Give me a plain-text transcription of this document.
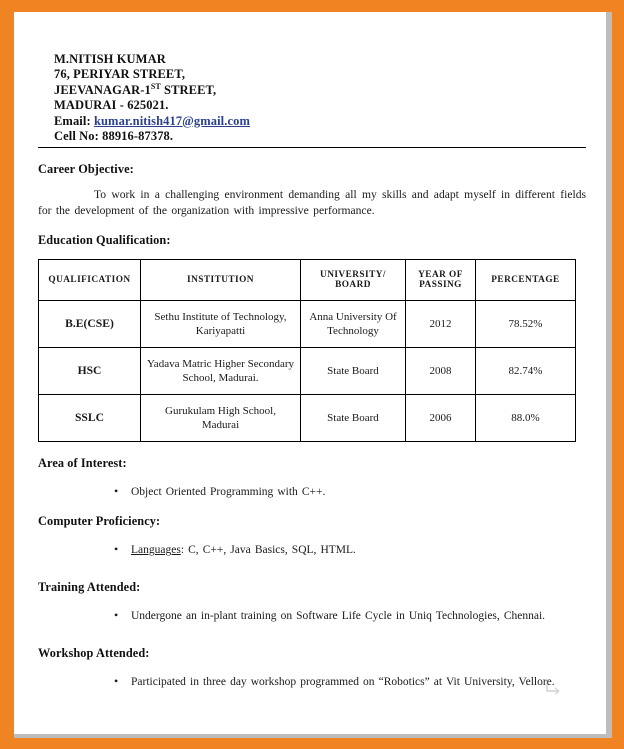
M.NITISH KUMAR
76, PERIYAR STREET,
JEEVANAGAR-1ST STREET,
MADURAI - 625021.
Email: kumar.nitish417@gmail.com
Cell No: 88916-87378.
Career Objective:
To work in a challenging environment demanding all my skills and adapt myself in different fields for the development of the organization with impressive performance.
Education Qualification:
QUALIFICATION	INSTITUTION	UNIVERSITY/ BOARD	YEAR OF PASSING	PERCENTAGE
B.E(CSE)	Sethu Institute of Technology, Kariyapatti	Anna University Of Technology	2012	78.52%
HSC	Yadava Matric Higher Secondary School, Madurai.	State Board	2008	82.74%
SSLC	Gurukulam High School, Madurai	State Board	2006	88.0%
Area of Interest:
• Object Oriented Programming with C++.
Computer Proficiency:
• Languages: C, C++, Java Basics, SQL, HTML.
Training Attended:
• Undergone an in-plant training on Software Life Cycle in Uniq Technologies, Chennai.
Workshop Attended:
• Participated in three day workshop programmed on “Robotics” at Vit University, Vellore.
